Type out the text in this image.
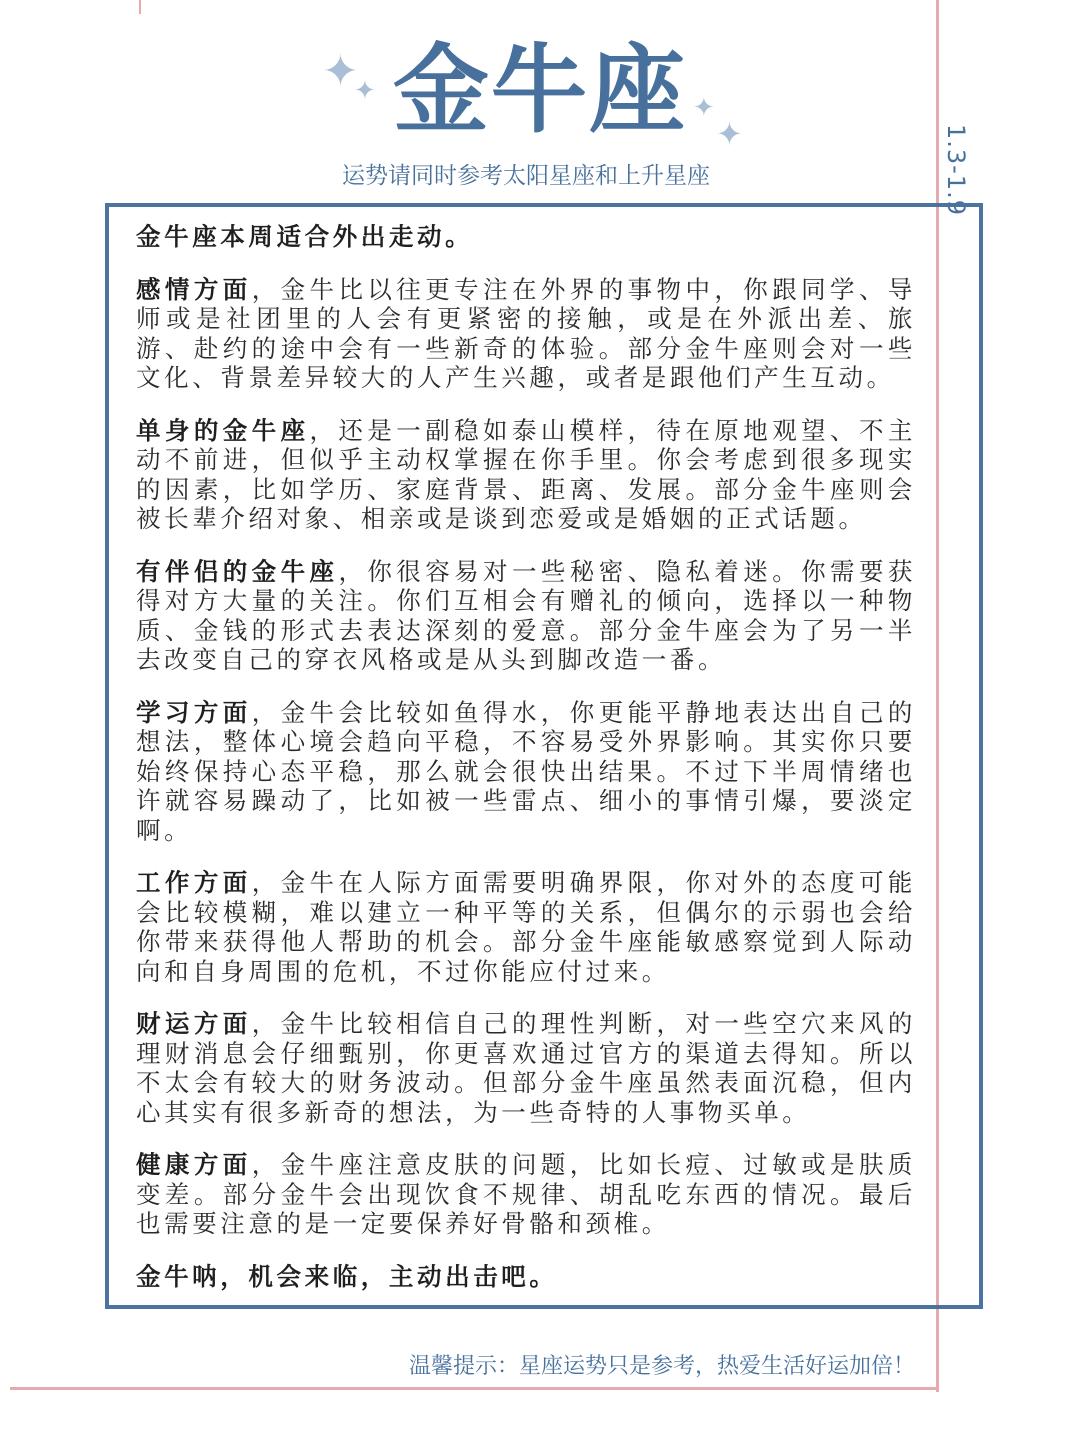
✦
✦
✦
✦
金牛座
运势请同时参考太阳星座和上升星座	1.3-1.9

金牛座本周适合外出走动。

感情方面，金牛比以往更专注在外界的事物中，你跟同学、导师或是社团里的人会有更紧密的接触，或是在外派出差、旅游、赴约的途中会有一些新奇的体验。部分金牛座则会对一些文化、背景差异较大的人产生兴趣，或者是跟他们产生互动。

单身的金牛座，还是一副稳如泰山模样，待在原地观望、不主动不前进，但似乎主动权掌握在你手里。你会考虑到很多现实的因素，比如学历、家庭背景、距离、发展。部分金牛座则会被长辈介绍对象、相亲或是谈到恋爱或是婚姻的正式话题。

有伴侣的金牛座，你很容易对一些秘密、隐私着迷。你需要获得对方大量的关注。你们互相会有赠礼的倾向，选择以一种物质、金钱的形式去表达深刻的爱意。部分金牛座会为了另一半去改变自己的穿衣风格或是从头到脚改造一番。

学习方面，金牛会比较如鱼得水，你更能平静地表达出自己的想法，整体心境会趋向平稳，不容易受外界影响。其实你只要始终保持心态平稳，那么就会很快出结果。不过下半周情绪也许就容易躁动了，比如被一些雷点、细小的事情引爆，要淡定啊。

工作方面，金牛在人际方面需要明确界限，你对外的态度可能会比较模糊，难以建立一种平等的关系，但偶尔的示弱也会给你带来获得他人帮助的机会。部分金牛座能敏感察觉到人际动向和自身周围的危机，不过你能应付过来。

财运方面，金牛比较相信自己的理性判断，对一些空穴来风的理财消息会仔细甄别，你更喜欢通过官方的渠道去得知。所以不太会有较大的财务波动。但部分金牛座虽然表面沉稳，但内心其实有很多新奇的想法，为一些奇特的人事物买单。

健康方面，金牛座注意皮肤的问题，比如长痘、过敏或是肤质变差。部分金牛会出现饮食不规律、胡乱吃东西的情况。最后也需要注意的是一定要保养好骨骼和颈椎。

金牛呐，机会来临，主动出击吧。

温馨提示：星座运势只是参考，热爱生活好运加倍！
